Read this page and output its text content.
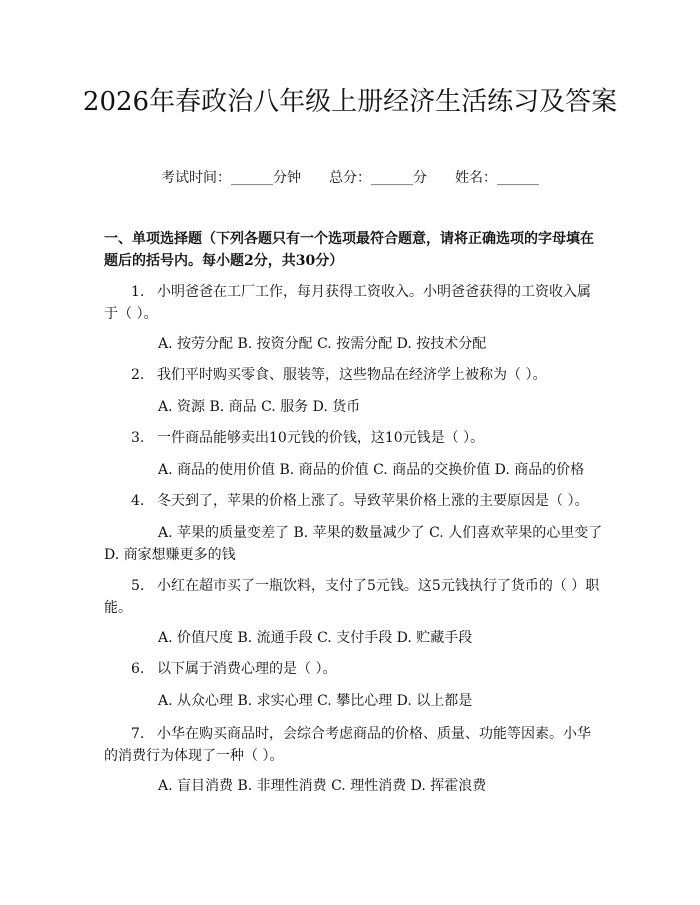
2026年春政治八年级上册经济生活练习及答案
考试时间：______分钟 总分：______分 姓名：______

一、单项选择题（下列各题只有一个选项最符合题意，请将正确选项的字母填在题后的括号内。每小题2分，共30分）

1. 小明爸爸在工厂工作，每月获得工资收入。小明爸爸获得的工资收入属于（ ）。
A. 按劳分配 B. 按资分配 C. 按需分配 D. 按技术分配
2. 我们平时购买零食、服装等，这些物品在经济学上被称为（ ）。
A. 资源 B. 商品 C. 服务 D. 货币
3. 一件商品能够卖出10元钱的价钱，这10元钱是（ ）。
A. 商品的使用价值 B. 商品的价值 C. 商品的交换价值 D. 商品的价格
4. 冬天到了，苹果的价格上涨了。导致苹果价格上涨的主要原因是（ ）。
A. 苹果的质量变差了 B. 苹果的数量减少了 C. 人们喜欢苹果的心里变了 D. 商家想赚更多的钱
5. 小红在超市买了一瓶饮料，支付了5元钱。这5元钱执行了货币的（ ）职能。
A. 价值尺度 B. 流通手段 C. 支付手段 D. 贮藏手段
6. 以下属于消费心理的是（ ）。
A. 从众心理 B. 求实心理 C. 攀比心理 D. 以上都是
7. 小华在购买商品时，会综合考虑商品的价格、质量、功能等因素。小华的消费行为体现了一种（ ）。
A. 盲目消费 B. 非理性消费 C. 理性消费 D. 挥霍浪费
